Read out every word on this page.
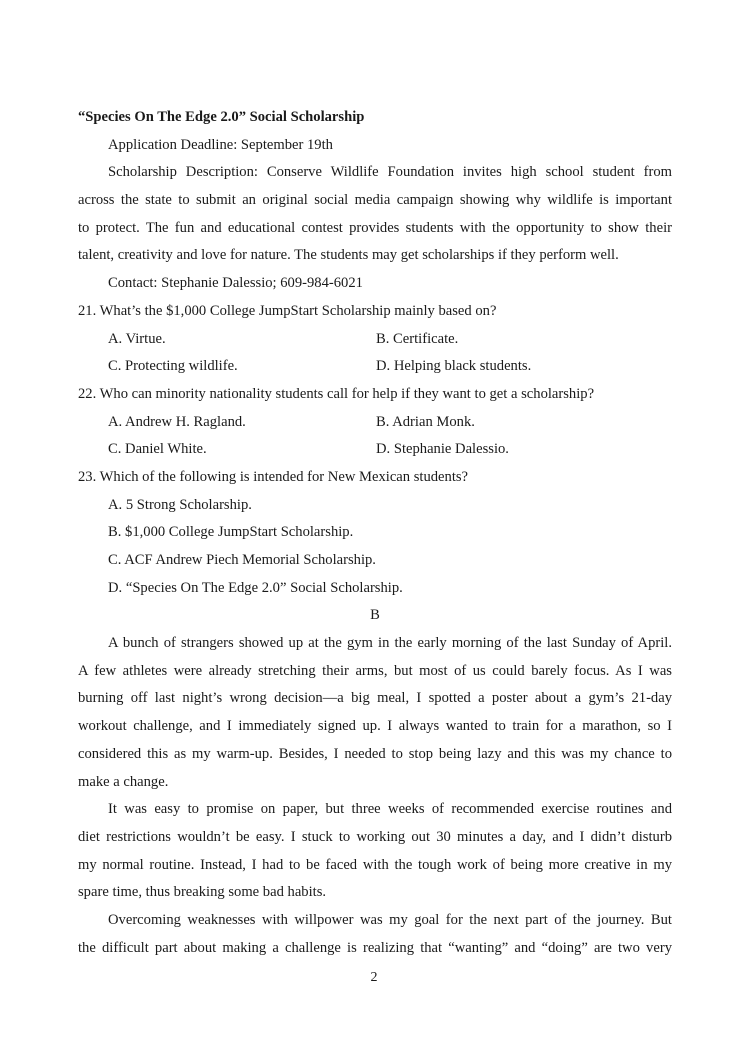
“Species On The Edge 2.0” Social Scholarship
Application Deadline: September 19th
Scholarship Description: Conserve Wildlife Foundation invites high school student from
across the state to submit an original social media campaign showing why wildlife is important
to protect. The fun and educational contest provides students with the opportunity to show their
talent, creativity and love for nature. The students may get scholarships if they perform well.
Contact: Stephanie Dalessio; 609-984-6021
21. What’s the $1,000 College JumpStart Scholarship mainly based on?
A. Virtue.	B. Certificate.
C. Protecting wildlife.	D. Helping black students.
22. Who can minority nationality students call for help if they want to get a scholarship?
A. Andrew H. Ragland.	B. Adrian Monk.
C. Daniel White.	D. Stephanie Dalessio.
23. Which of the following is intended for New Mexican students?
A. 5 Strong Scholarship.
B. $1,000 College JumpStart Scholarship.
C. ACF Andrew Piech Memorial Scholarship.
D. “Species On The Edge 2.0” Social Scholarship.
B
A bunch of strangers showed up at the gym in the early morning of the last Sunday of April.
A few athletes were already stretching their arms, but most of us could barely focus. As I was
burning off last night’s wrong decision—a big meal, I spotted a poster about a gym’s 21-day
workout challenge, and I immediately signed up. I always wanted to train for a marathon, so I
considered this as my warm-up. Besides, I needed to stop being lazy and this was my chance to
make a change.
It was easy to promise on paper, but three weeks of recommended exercise routines and
diet restrictions wouldn’t be easy. I stuck to working out 30 minutes a day, and I didn’t disturb
my normal routine. Instead, I had to be faced with the tough work of being more creative in my
spare time, thus breaking some bad habits.
Overcoming weaknesses with willpower was my goal for the next part of the journey. But
the difficult part about making a challenge is realizing that “wanting” and “doing” are two very
2
